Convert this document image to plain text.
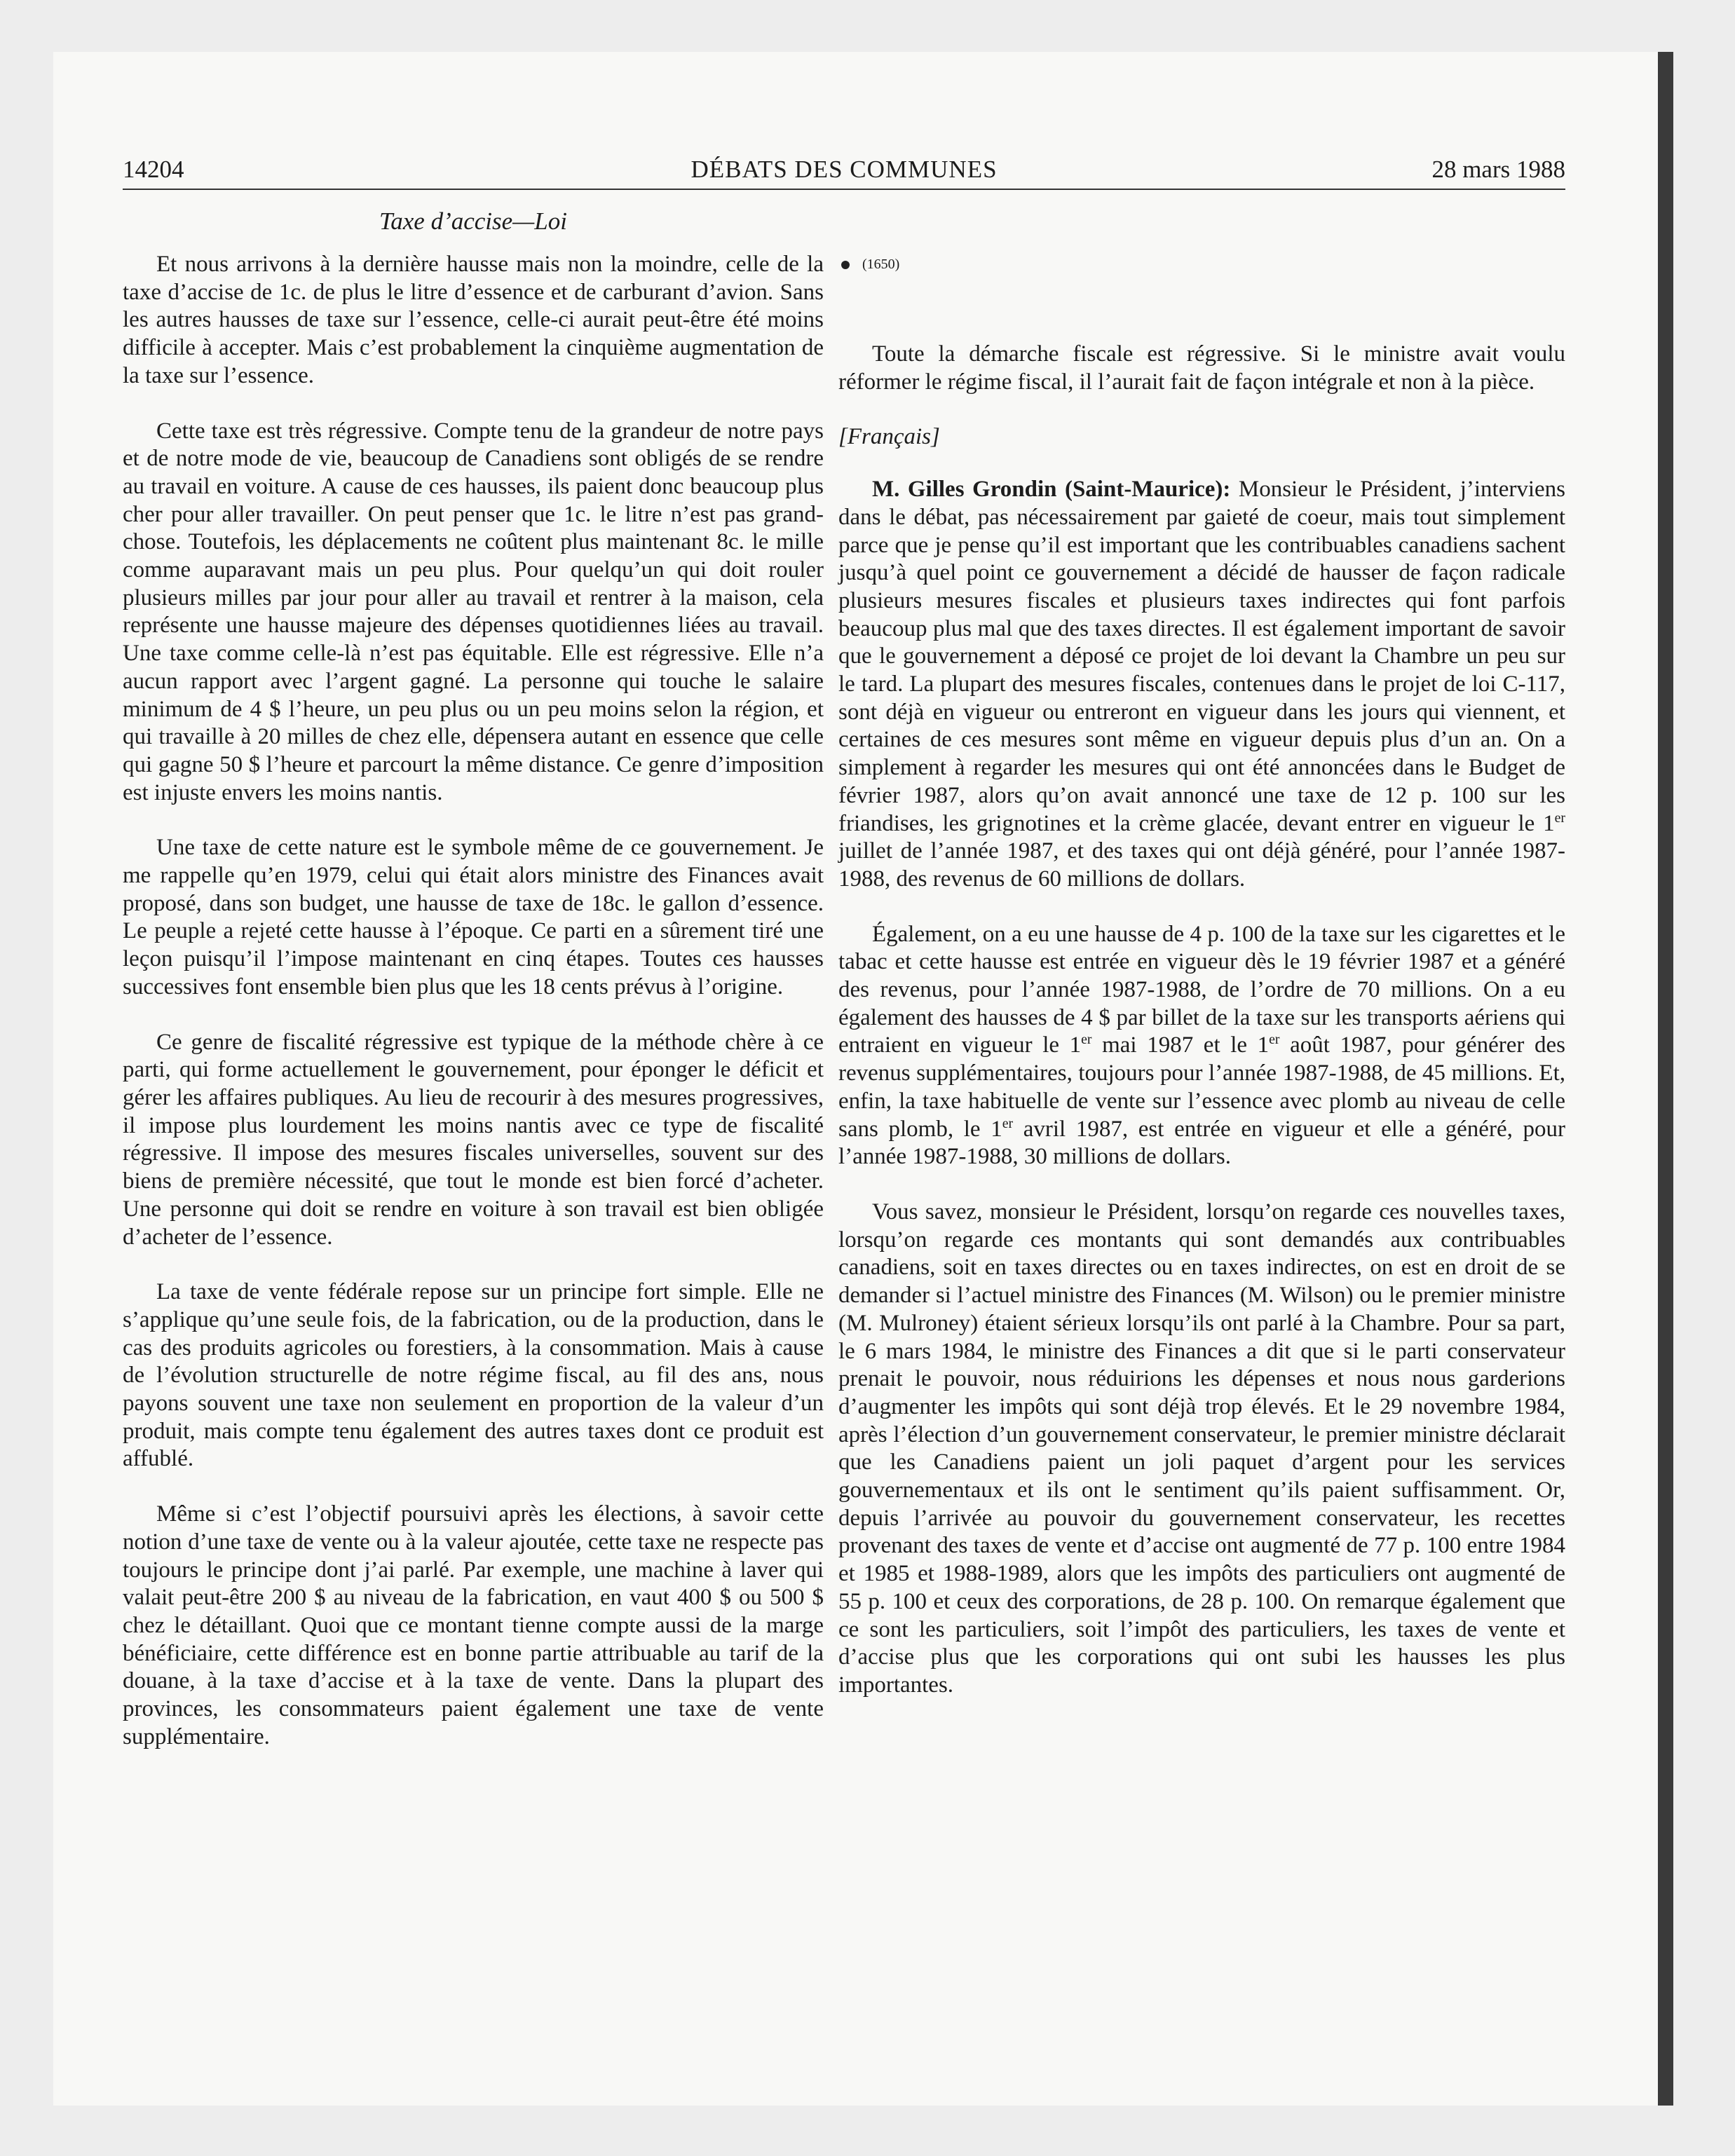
14204	DÉBATS DES COMMUNES	28 mars 1988
Taxe d’accise—Loi

Et nous arrivons à la dernière hausse mais non la moindre, celle de la taxe d’accise de 1c. de plus le litre d’essence et de carburant d’avion. Sans les autres hausses de taxe sur l’essence, celle-ci aurait peut-être été moins difficile à accepter. Mais c’est probablement la cinquième augmentation de la taxe sur l’essence.

Cette taxe est très régressive. Compte tenu de la grandeur de notre pays et de notre mode de vie, beaucoup de Canadiens sont obligés de se rendre au travail en voiture. A cause de ces hausses, ils paient donc beaucoup plus cher pour aller travailler. On peut penser que 1c. le litre n’est pas grand-chose. Toutefois, les déplacements ne coûtent plus maintenant 8c. le mille comme auparavant mais un peu plus. Pour quelqu’un qui doit rouler plusieurs milles par jour pour aller au travail et rentrer à la maison, cela représente une hausse majeure des dépenses quotidiennes liées au travail. Une taxe comme celle-là n’est pas équitable. Elle est régressive. Elle n’a aucun rapport avec l’argent gagné. La personne qui touche le salaire minimum de 4 $ l’heure, un peu plus ou un peu moins selon la région, et qui travaille à 20 milles de chez elle, dépensera autant en essence que celle qui gagne 50 $ l’heure et parcourt la même distance. Ce genre d’imposition est injuste envers les moins nantis.

Une taxe de cette nature est le symbole même de ce gouvernement. Je me rappelle qu’en 1979, celui qui était alors ministre des Finances avait proposé, dans son budget, une hausse de taxe de 18c. le gallon d’essence. Le peuple a rejeté cette hausse à l’époque. Ce parti en a sûrement tiré une leçon puisqu’il l’impose maintenant en cinq étapes. Toutes ces hausses successives font ensemble bien plus que les 18 cents prévus à l’origine.

Ce genre de fiscalité régressive est typique de la méthode chère à ce parti, qui forme actuellement le gouvernement, pour éponger le déficit et gérer les affaires publiques. Au lieu de recourir à des mesures progressives, il impose plus lourdement les moins nantis avec ce type de fiscalité régressive. Il impose des mesures fiscales universelles, souvent sur des biens de première nécessité, que tout le monde est bien forcé d’acheter. Une personne qui doit se rendre en voiture à son travail est bien obligée d’acheter de l’essence.

La taxe de vente fédérale repose sur un principe fort simple. Elle ne s’applique qu’une seule fois, de la fabrication, ou de la production, dans le cas des produits agricoles ou forestiers, à la consommation. Mais à cause de l’évolution structurelle de notre régime fiscal, au fil des ans, nous payons souvent une taxe non seulement en proportion de la valeur d’un produit, mais compte tenu également des autres taxes dont ce produit est affublé.

Même si c’est l’objectif poursuivi après les élections, à savoir cette notion d’une taxe de vente ou à la valeur ajoutée, cette taxe ne respecte pas toujours le principe dont j’ai parlé. Par exemple, une machine à laver qui valait peut-être 200 $ au niveau de la fabrication, en vaut 400 $ ou 500 $ chez le détaillant. Quoi que ce montant tienne compte aussi de la marge bénéficiaire, cette différence est en bonne partie attribuable au tarif de la douane, à la taxe d’accise et à la taxe de vente. Dans la plupart des provinces, les consommateurs paient également une taxe de vente supplémentaire.

(1650)

Toute la démarche fiscale est régressive. Si le ministre avait voulu réformer le régime fiscal, il l’aurait fait de façon intégrale et non à la pièce.

[Français]

M. Gilles Grondin (Saint-Maurice): Monsieur le Président, j’interviens dans le débat, pas nécessairement par gaieté de coeur, mais tout simplement parce que je pense qu’il est important que les contribuables canadiens sachent jusqu’à quel point ce gouvernement a décidé de hausser de façon radicale plusieurs mesures fiscales et plusieurs taxes indirectes qui font parfois beaucoup plus mal que des taxes directes. Il est également important de savoir que le gouvernement a déposé ce projet de loi devant la Chambre un peu sur le tard. La plupart des mesures fiscales, contenues dans le projet de loi C-117, sont déjà en vigueur ou entreront en vigueur dans les jours qui viennent, et certaines de ces mesures sont même en vigueur depuis plus d’un an. On a simplement à regarder les mesures qui ont été annoncées dans le Budget de février 1987, alors qu’on avait annoncé une taxe de 12 p. 100 sur les friandises, les grignotines et la crème glacée, devant entrer en vigueur le 1er juillet de l’année 1987, et des taxes qui ont déjà généré, pour l’année 1987-1988, des revenus de 60 millions de dollars.

Également, on a eu une hausse de 4 p. 100 de la taxe sur les cigarettes et le tabac et cette hausse est entrée en vigueur dès le 19 février 1987 et a généré des revenus, pour l’année 1987-1988, de l’ordre de 70 millions. On a eu également des hausses de 4 $ par billet de la taxe sur les transports aériens qui entraient en vigueur le 1er mai 1987 et le 1er août 1987, pour générer des revenus supplémentaires, toujours pour l’année 1987-1988, de 45 millions. Et, enfin, la taxe habituelle de vente sur l’essence avec plomb au niveau de celle sans plomb, le 1er avril 1987, est entrée en vigueur et elle a généré, pour l’année 1987-1988, 30 millions de dollars.

Vous savez, monsieur le Président, lorsqu’on regarde ces nouvelles taxes, lorsqu’on regarde ces montants qui sont demandés aux contribuables canadiens, soit en taxes directes ou en taxes indirectes, on est en droit de se demander si l’actuel ministre des Finances (M. Wilson) ou le premier ministre (M. Mulroney) étaient sérieux lorsqu’ils ont parlé à la Chambre. Pour sa part, le 6 mars 1984, le ministre des Finances a dit que si le parti conservateur prenait le pouvoir, nous réduirions les dépenses et nous nous garderions d’augmenter les impôts qui sont déjà trop élevés. Et le 29 novembre 1984, après l’élection d’un gouvernement conservateur, le premier ministre déclarait que les Canadiens paient un joli paquet d’argent pour les services gouvernementaux et ils ont le sentiment qu’ils paient suffisamment. Or, depuis l’arrivée au pouvoir du gouvernement conservateur, les recettes provenant des taxes de vente et d’accise ont augmenté de 77 p. 100 entre 1984 et 1985 et 1988-1989, alors que les impôts des particuliers ont augmenté de 55 p. 100 et ceux des corporations, de 28 p. 100. On remarque également que ce sont les particuliers, soit l’impôt des particuliers, les taxes de vente et d’accise plus que les corporations qui ont subi les hausses les plus importantes.
